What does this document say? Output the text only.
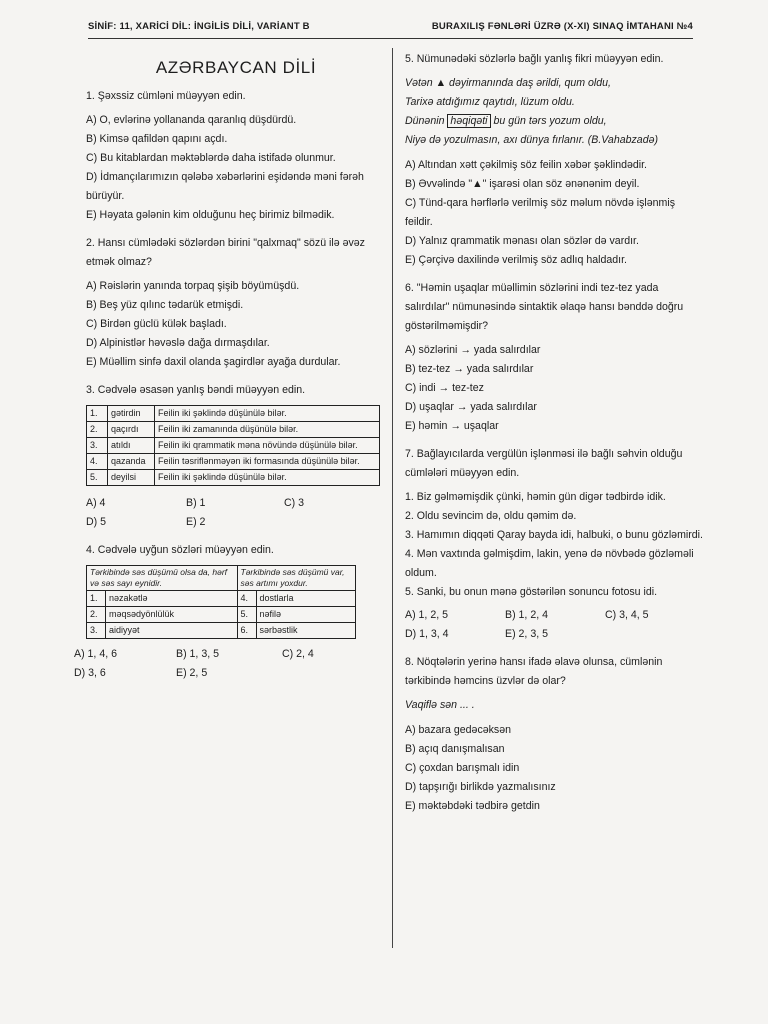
SİNİF: 11, XARİCİ DİL: İNGİLİS DİLİ, VARİANT B	BURAXILIŞ FƏNLƏRİ ÜZRƏ (X-XI) SINAQ İMTAHANI №4
AZƏRBAYCAN DİLİ

1. Şəxssiz cümləni müəyyən edin.

A) O, evlərinə yollananda qaranlıq düşdürdü.

B) Kimsə qafildən qapını açdı.

C) Bu kitablardan məktəblərdə daha istifadə olunmur.

D) İdmançılarımızın qələbə xəbərlərini eşidəndə məni fərəh bürüyür.

E) Həyata gələnin kim olduğunu heç birimiz bilmədik.

2. Hansı cümlədəki sözlərdən birini "qalxmaq" sözü ilə əvəz etmək olmaz?

A) Rəislərin yanında torpaq şişib böyümüşdü.

B) Beş yüz qılınc tədarük etmişdi.

C) Birdən güclü külək başladı.

D) Alpinistlər həvəslə dağa dırmaşdılar.

E) Müəllim sinfə daxil olanda şagirdlər ayağa durdular.

3. Cədvələ əsasən yanlış bəndi müəyyən edin.

1.	gətirdin	Feilin iki şəklində düşünülə bilər.
2.	qaçırdı	Feilin iki zamanında düşünülə bilər.
3.	atıldı	Feilin iki qrammatik məna növündə düşünülə bilər.
4.	qazanda	Feilin təsriflənməyən iki formasında düşünülə bilər.
5.	deyilsi	Feilin iki şəklində düşünülə bilər.
A) 4	B) 1	C) 3
D) 5	E) 2

4. Cədvələ uyğun sözləri müəyyən edin.

Tərkibində səs düşümü olsa da, hərf və səs sayı eynidir.		Tərkibində səs düşümü var, səs artımı yoxdur.	
1.	nəzakətlə	4.	dostlarla
2.	məqsədyönlülük	5.	nəfilə
3.	aidiyyət	6.	sərbəstlik
A) 1, 4, 6	B) 1, 3, 5	C) 2, 4
D) 3, 6	E) 2, 5

5. Nümunədəki sözlərlə bağlı yanlış fikri müəyyən edin.

Vətən ▲ dəyirmanında daş ərildi, qum oldu,

Tarixə atdığımız qaytıdı, lüzum oldu.

Dünənin həqiqəti bu gün tərs yozum oldu,

Niyə də yozulmasın, axı dünya fırlanır. (B.Vahabzadə)

A) Altından xətt çəkilmiş söz feilin xəbər şəklindədir.

B) Əvvəlində "▲" işarəsi olan söz ənənənim deyil.

C) Tünd-qara hərflərlə verilmiş söz məlum növdə işlənmiş feildir.

D) Yalnız qrammatik mənası olan sözlər də vardır.

E) Çərçivə daxilində verilmiş söz adlıq haldadır.

6. "Həmin uşaqlar müəllimin sözlərini indi tez-tez yada salırdılar" nümunəsində sintaktik əlaqə hansı bənddə doğru göstərilməmişdir?

A) sözlərini → yada salırdılar

B) tez-tez → yada salırdılar

C) indi → tez-tez

D) uşaqlar → yada salırdılar

E) həmin → uşaqlar

7. Bağlayıcılarda vergülün işlənməsi ilə bağlı səhvin olduğu cümlələri müəyyən edin.

1. Biz gəlməmişdik çünki, həmin gün digər tədbirdə idik.

2. Oldu sevincim də, oldu qəmim də.

3. Hamımın diqqəti Qaray bayda idi, halbuki, o bunu gözləmirdi.

4. Mən vaxtında gəlmişdim, lakin, yenə də növbədə gözləməli oldum.

5. Sanki, bu onun mənə göstərilən sonuncu fotosu idi.

A) 1, 2, 5	B) 1, 2, 4	C) 3, 4, 5
D) 1, 3, 4	E) 2, 3, 5

8. Nöqtələrin yerinə hansı ifadə əlavə olunsa, cümlənin tərkibində həmcins üzvlər də olar?

Vaqiflə sən ... .

A) bazara gedəcəksən

B) açıq danışmalısan

C) çoxdan barışmalı idin

D) tapşırığı birlikdə yazmalısınız

E) məktəbdəki tədbirə getdin
